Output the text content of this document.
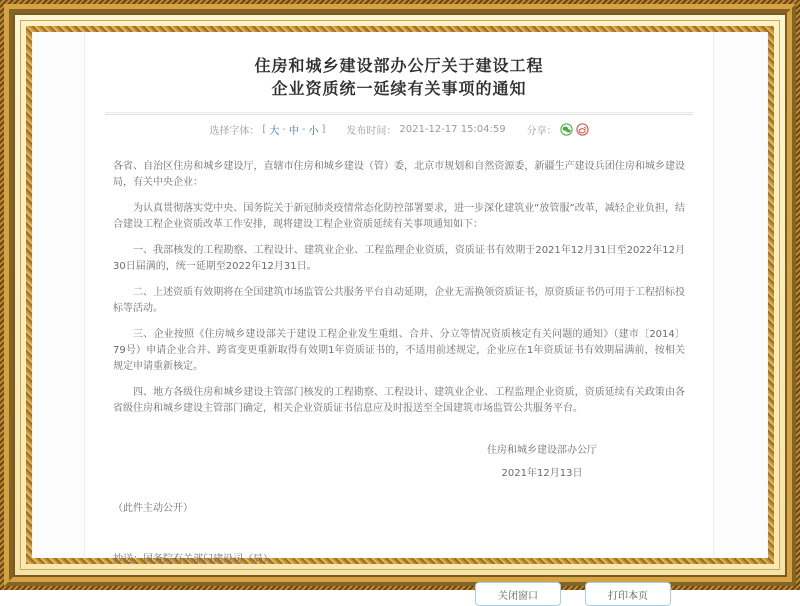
住房和城乡建设部办公厅关于建设工程
企业资质统一延续有关事项的通知
选择字体： [ 大 - 中 - 小 ] 发布时间： 2021-12-17 15:04:59 分享：

各省、自治区住房和城乡建设厅，直辖市住房和城乡建设（管）委，北京市规划和自然资源委，新疆生产建设兵团住房和城乡建设局，有关中央企业：

为认真贯彻落实党中央、国务院关于新冠肺炎疫情常态化防控部署要求，进一步深化建筑业“放管服”改革，减轻企业负担，结合建设工程企业资质改革工作安排，现将建设工程企业资质延续有关事项通知如下：

一、我部核发的工程勘察、工程设计、建筑业企业、工程监理企业资质，资质证书有效期于2021年12月31日至2022年12月30日届满的，统一延期至2022年12月31日。

二、上述资质有效期将在全国建筑市场监管公共服务平台自动延期，企业无需换领资质证书，原资质证书仍可用于工程招标投标等活动。

三、企业按照《住房城乡建设部关于建设工程企业发生重组、合并、分立等情况资质核定有关问题的通知》（建市〔2014〕79号）申请企业合并、跨省变更重新取得有效期1年资质证书的，不适用前述规定，企业应在1年资质证书有效期届满前，按相关规定申请重新核定。

四、地方各级住房和城乡建设主管部门核发的工程勘察、工程设计、建筑业企业、工程监理企业资质，资质延续有关政策由各省级住房和城乡建设主管部门确定，相关企业资质证书信息应及时报送至全国建筑市场监管公共服务平台。

住房和城乡建设部办公厅
2021年12月13日
（此件主动公开）
抄送：国务院有关部门建设司（局）。
关闭窗口	打印本页
